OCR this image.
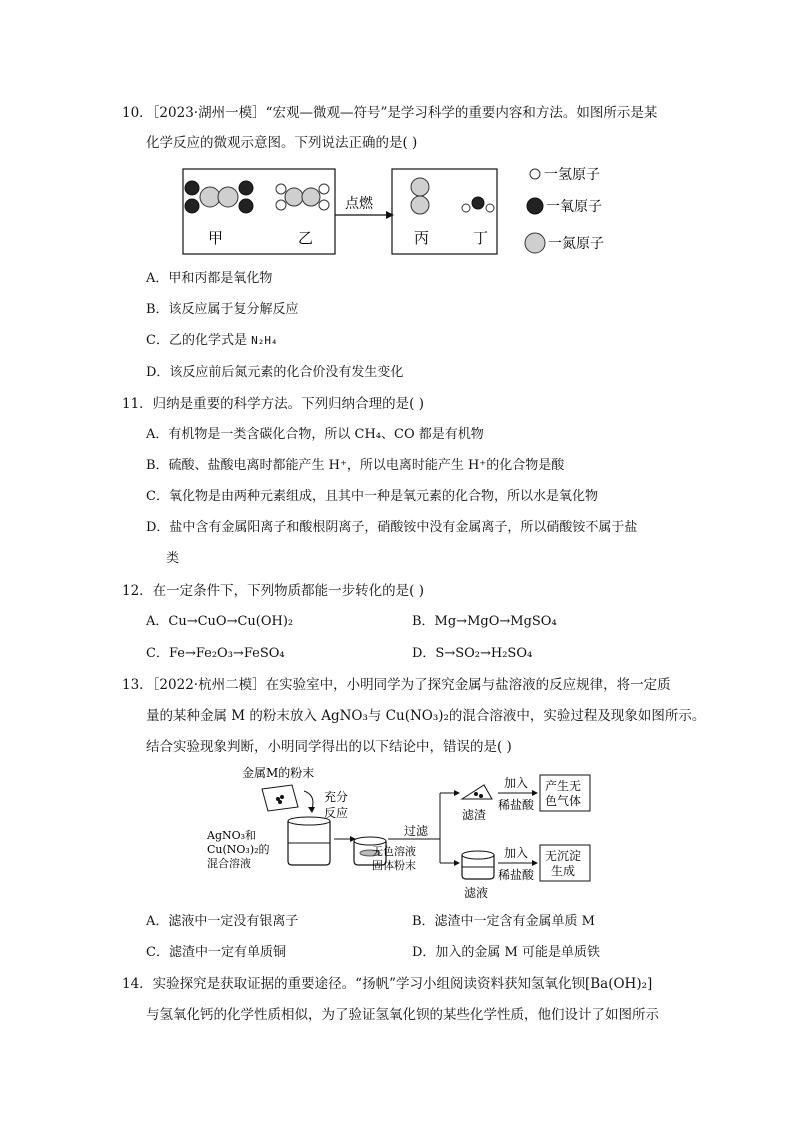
10．［2023·湖州一模］“宏观—微观—符号”是学习科学的重要内容和方法。如图所示是某
化学反应的微观示意图。下列说法正确的是( )
甲	乙
点燃
丙	丁
一氢原子
一氧原子
一氮原子
A．甲和丙都是氧化物
B．该反应属于复分解反应
C．乙的化学式是 N₂H₄
D．该反应前后氮元素的化合价没有发生变化
11．归纳是重要的科学方法。下列归纳合理的是( )
A．有机物是一类含碳化合物，所以 CH₄、CO 都是有机物
B．硫酸、盐酸电离时都能产生 H⁺，所以电离时能产生 H⁺的化合物是酸
C．氧化物是由两种元素组成，且其中一种是氧元素的化合物，所以水是氧化物
D．盐中含有金属阳离子和酸根阴离子，硝酸铵中没有金属离子，所以硝酸铵不属于盐
类
12．在一定条件下，下列物质都能一步转化的是( )
A．Cu→CuO→Cu(OH)₂	B．Mg→MgO→MgSO₄
C．Fe→Fe₂O₃→FeSO₄	D．S→SO₂→H₂SO₄
13．［2022·杭州二模］在实验室中，小明同学为了探究金属与盐溶液的反应规律，将一定质
量的某种金属 M 的粉末放入 AgNO₃与 Cu(NO₃)₂的混合溶液中，实验过程及现象如图所示。
结合实验现象判断，小明同学得出的以下结论中，错误的是( )
金属M的粉末
AgNO₃和
Cu(NO₃)₂的
混合溶液
充分
反应
过滤
无色溶液
固体粉末
滤渣
加入
稀盐酸
产生无
色气体
滤液
加入
稀盐酸
无沉淀
生成
A．滤液中一定没有银离子	B．滤渣中一定含有金属单质 M
C．滤渣中一定有单质铜	D．加入的金属 M 可能是单质铁
14．实验探究是获取证据的重要途径。“扬帆”学习小组阅读资料获知氢氧化钡[Ba(OH)₂]
与氢氧化钙的化学性质相似，为了验证氢氧化钡的某些化学性质，他们设计了如图所示
